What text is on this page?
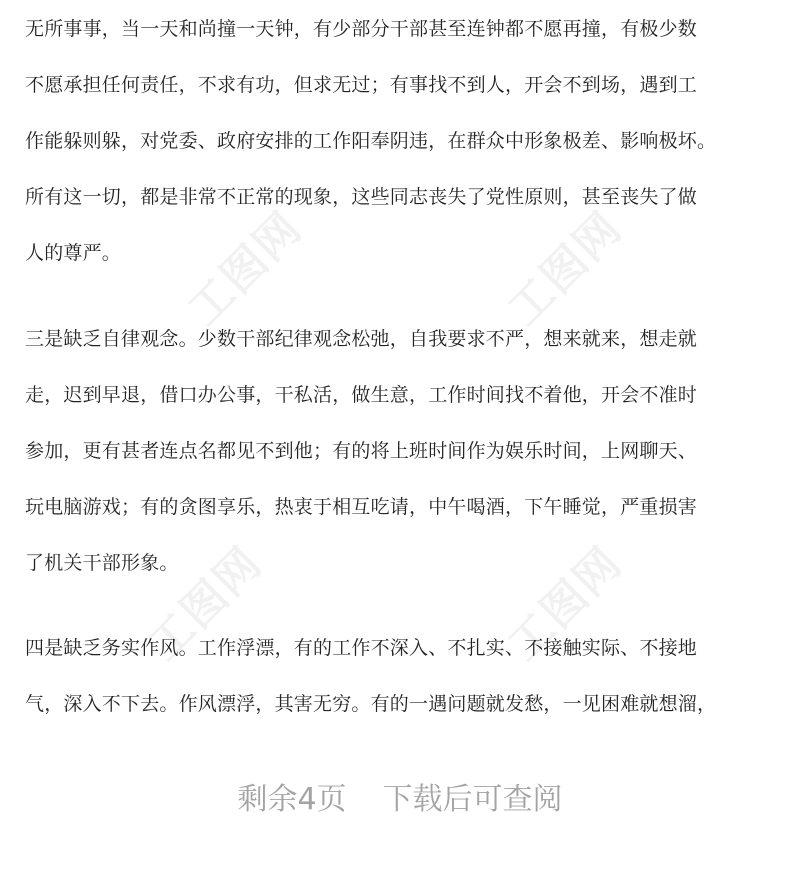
工图网	工图网
工图网	工图网
无所事事，当一天和尚撞一天钟，有少部分干部甚至连钟都不愿再撞，有极少数
不愿承担任何责任，不求有功，但求无过；有事找不到人，开会不到场，遇到工
作能躲则躲，对党委、政府安排的工作阳奉阴违，在群众中形象极差、影响极坏。
所有这一切，都是非常不正常的现象，这些同志丧失了党性原则，甚至丧失了做
人的尊严。
三是缺乏自律观念。少数干部纪律观念松弛，自我要求不严，想来就来，想走就
走，迟到早退，借口办公事，干私活，做生意，工作时间找不着他，开会不准时
参加，更有甚者连点名都见不到他；有的将上班时间作为娱乐时间，上网聊天、
玩电脑游戏；有的贪图享乐，热衷于相互吃请，中午喝酒，下午睡觉，严重损害
了机关干部形象。
四是缺乏务实作风。工作浮漂，有的工作不深入、不扎实、不接触实际、不接地
气，深入不下去。作风漂浮，其害无穷。有的一遇问题就发愁，一见困难就想溜，
剩余4页 下载后可查阅
